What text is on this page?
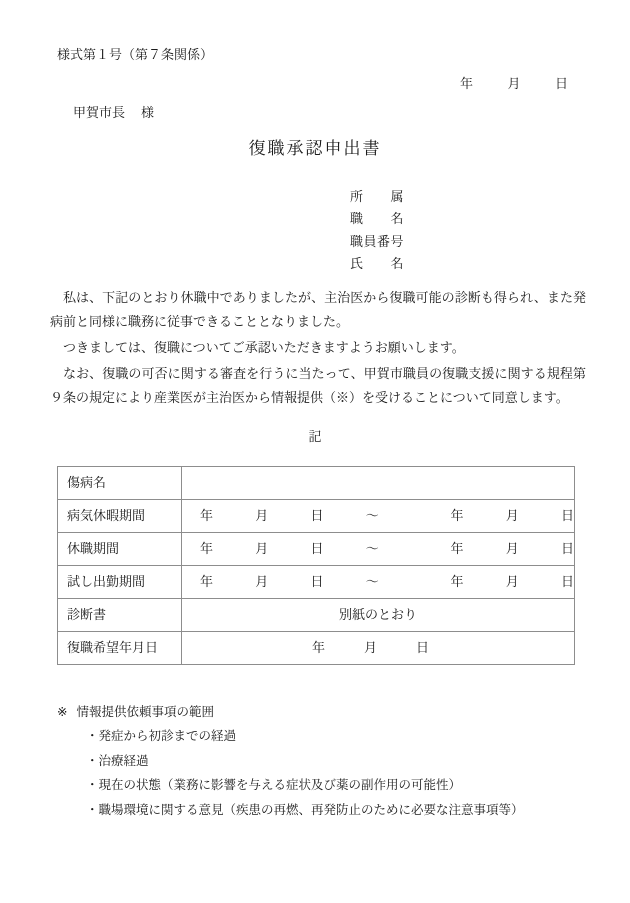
様式第１号（第７条関係）
年	月	日
甲賀市長 様
復職承認申出書
所　　属
職　　名
職員番号
氏　　名

私は、下記のとおり休職中でありましたが、主治医から復職可能の診断も得られ、また発病前と同様に職務に従事できることとなりました。

つきましては、復職についてご承認いただきますようお願いします。

なお、復職の可否に関する審査を行うに当たって、甲賀市職員の復職支援に関する規程第９条の規定により産業医が主治医から情報提供（※）を受けることについて同意します。

記
傷病名	
病気休暇期間	年	月	日	～	年	月	日

休職期間	年	月	日	～	年	月	日

試し出勤期間	年	月	日	～	年	月	日

診断書	別紙のとおり
復職希望年月日	年 月 日
※ 情報提供依頼事項の範囲
・発症から初診までの経過
・治療経過
・現在の状態（業務に影響を与える症状及び薬の副作用の可能性）
・職場環境に関する意見（疾患の再燃、再発防止のために必要な注意事項等）
